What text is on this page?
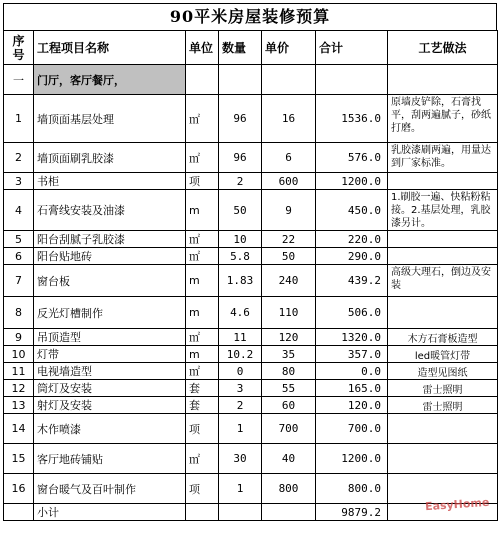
90平米房屋装修预算
序号	工程项目名称	单位	数量	单价	合计	工艺做法
一	门厅，客厅餐厅，					
1	墙顶面基层处理	㎡	96	16	1536.0	原墙皮铲除，石膏找平，刮两遍腻子，砂纸打磨。
2	墙顶面刷乳胶漆	㎡	96	6	576.0	乳胶漆刷两遍，用量达到厂家标准。
3	书柜	项	2	600	1200.0	
4	石膏线安装及油漆	m	50	9	450.0	1.刷胶一遍、快粘粉粘接。2.基层处理，乳胶漆另计。
5	阳台刮腻子乳胶漆	㎡	10	22	220.0	
6	阳台贴地砖	㎡	5.8	50	290.0	
7	窗台板	m	1.83	240	439.2	高级大理石，倒边及安装
8	反光灯槽制作	m	4.6	110	506.0	
9	吊顶造型	㎡	11	120	1320.0	木方石膏板造型
10	灯带	m	10.2	35	357.0	led暖管灯带
11	电视墙造型	㎡	0	80	0.0	造型见图纸
12	筒灯及安装	套	3	55	165.0	雷士照明
13	射灯及安装	套	2	60	120.0	雷士照明
14	木作喷漆	项	1	700	700.0	
15	客厅地砖铺贴	㎡	30	40	1200.0	
16	窗台暖气及百叶制作	项	1	800	800.0	
	小计				9879.2		EasyHome
